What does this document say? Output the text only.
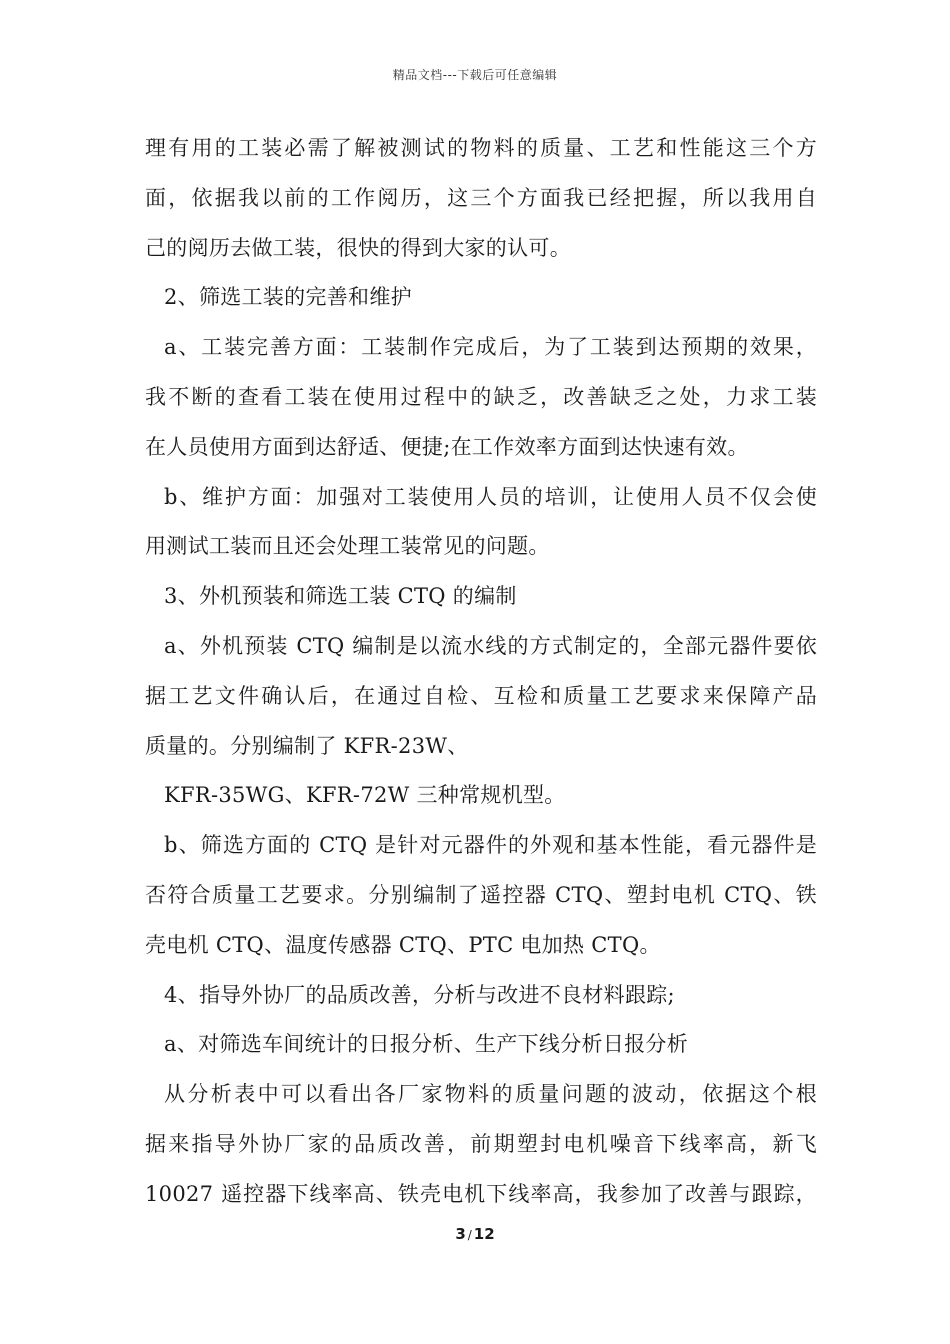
精品文档---下载后可任意编辑
理有用的工装必需了解被测试的物料的质量、工艺和性能这三个方
面，依据我以前的工作阅历，这三个方面我已经把握，所以我用自
己的阅历去做工装，很快的得到大家的认可。
2、筛选工装的完善和维护
a、工装完善方面：工装制作完成后，为了工装到达预期的效果，
我不断的查看工装在使用过程中的缺乏，改善缺乏之处，力求工装
在人员使用方面到达舒适、便捷;在工作效率方面到达快速有效。
b、维护方面：加强对工装使用人员的培训，让使用人员不仅会使
用测试工装而且还会处理工装常见的问题。
3、外机预装和筛选工装 CTQ 的编制
a、外机预装 CTQ 编制是以流水线的方式制定的，全部元器件要依
据工艺文件确认后，在通过自检、互检和质量工艺要求来保障产品
质量的。分别编制了 KFR-23W、
KFR-35WG、KFR-72W 三种常规机型。
b、筛选方面的 CTQ 是针对元器件的外观和基本性能，看元器件是
否符合质量工艺要求。分别编制了遥控器 CTQ、塑封电机 CTQ、铁
壳电机 CTQ、温度传感器 CTQ、PTC 电加热 CTQ。
4、指导外协厂的品质改善，分析与改进不良材料跟踪;
a、对筛选车间统计的日报分析、生产下线分析日报分析
从分析表中可以看出各厂家物料的质量问题的波动，依据这个根
据来指导外协厂家的品质改善，前期塑封电机噪音下线率高，新飞
10027 遥控器下线率高、铁壳电机下线率高，我参加了改善与跟踪，
3 / 12
